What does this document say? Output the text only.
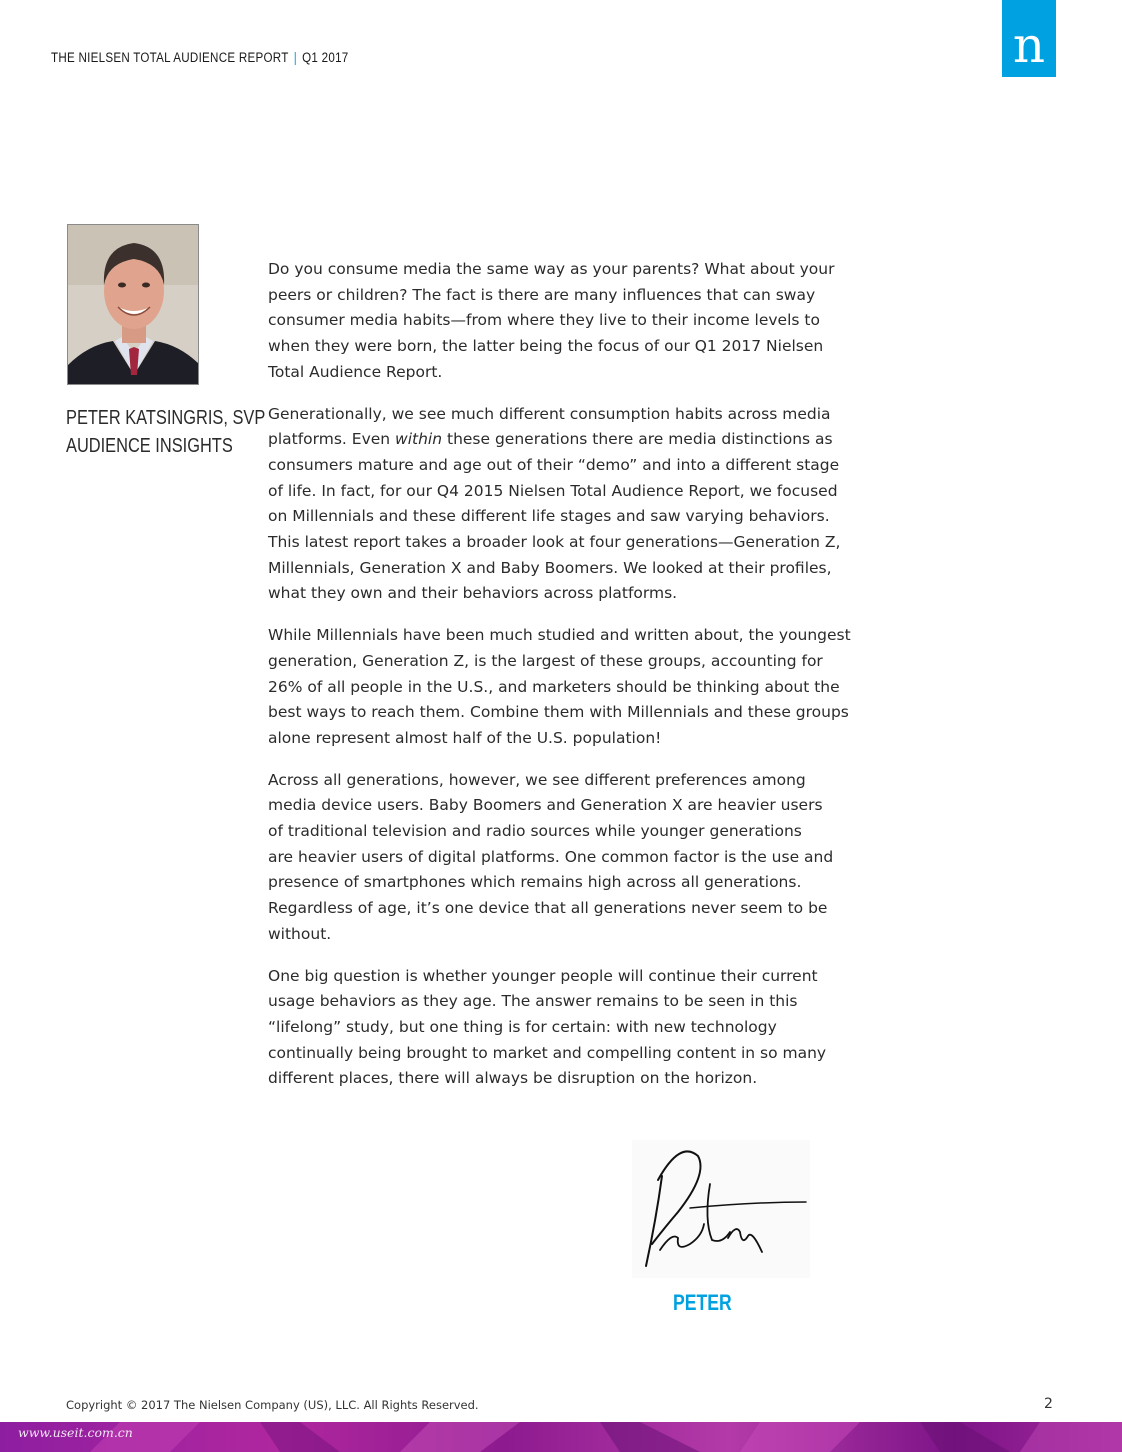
THE NIELSEN TOTAL AUDIENCE REPORT | Q1 2017	n
PETER KATSINGRIS, SVP
AUDIENCE INSIGHTS

Do you consume media the same way as your parents? What about your
peers or children? The fact is there are many influences that can sway
consumer media habits—from where they live to their income levels to
when they were born, the latter being the focus of our Q1 2017 Nielsen
Total Audience Report.

Generationally, we see much different consumption habits across media
platforms. Even within these generations there are media distinctions as
consumers mature and age out of their “demo” and into a different stage
of life. In fact, for our Q4 2015 Nielsen Total Audience Report, we focused
on Millennials and these different life stages and saw varying behaviors.
This latest report takes a broader look at four generations—Generation Z,
Millennials, Generation X and Baby Boomers. We looked at their profiles,
what they own and their behaviors across platforms.

While Millennials have been much studied and written about, the youngest
generation, Generation Z, is the largest of these groups, accounting for
26% of all people in the U.S., and marketers should be thinking about the
best ways to reach them. Combine them with Millennials and these groups
alone represent almost half of the U.S. population!

Across all generations, however, we see different preferences among
media device users. Baby Boomers and Generation X are heavier users
of traditional television and radio sources while younger generations
are heavier users of digital platforms. One common factor is the use and
presence of smartphones which remains high across all generations.
Regardless of age, it’s one device that all generations never seem to be
without.

One big question is whether younger people will continue their current
usage behaviors as they age. The answer remains to be seen in this
“lifelong” study, but one thing is for certain: with new technology
continually being brought to market and compelling content in so many
different places, there will always be disruption on the horizon.

PETER
Copyright © 2017 The Nielsen Company (US), LLC. All Rights Reserved.	2
www.useit.com.cn
